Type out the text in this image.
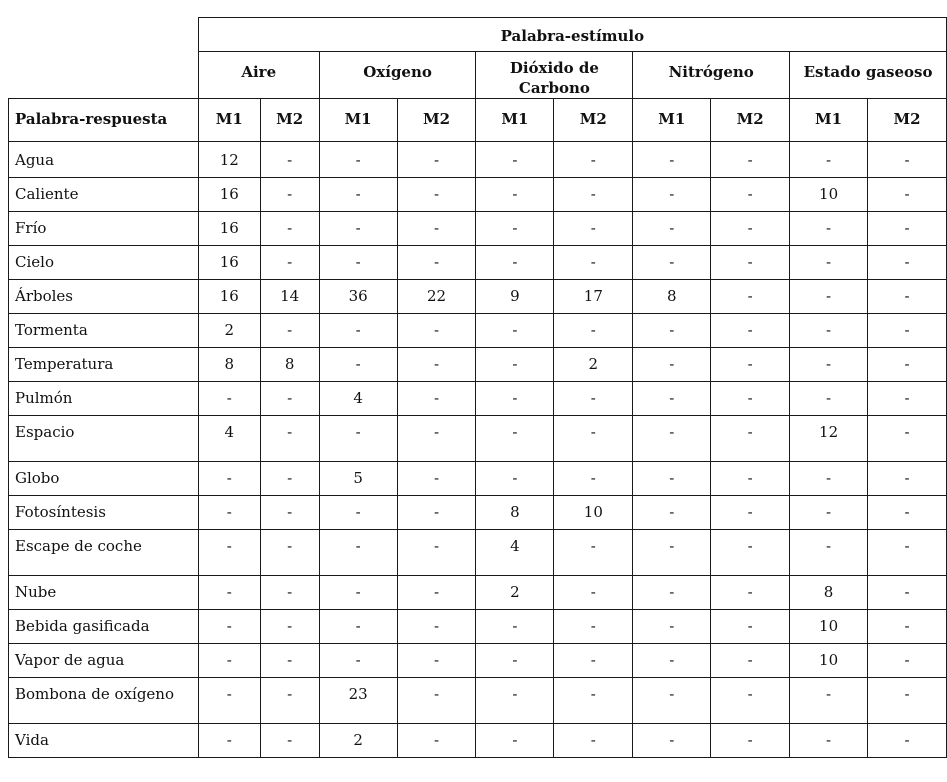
	Palabra-estímulo									
	Aire		Oxígeno		Dióxido de Carbono		Nitrógeno		Estado gaseoso	
Palabra-respuesta	M1	M2	M1	M2	M1	M2	M1	M2	M1	M2
Agua	12	-	-	-	-	-	-	-	-	-
Caliente	16	-	-	-	-	-	-	-	10	-
Frío	16	-	-	-	-	-	-	-	-	-
Cielo	16	-	-	-	-	-	-	-	-	-
Árboles	16	14	36	22	9	17	8	-	-	-
Tormenta	2	-	-	-	-	-	-	-	-	-
Temperatura	8	8	-	-	-	2	-	-	-	-
Pulmón	-	-	4	-	-	-	-	-	-	-
Espacio	4	-	-	-	-	-	-	-	12	-
Globo	-	-	5	-	-	-	-	-	-	-
Fotosíntesis	-	-	-	-	8	10	-	-	-	-
Escape de coche	-	-	-	-	4	-	-	-	-	-
Nube	-	-	-	-	2	-	-	-	8	-
Bebida gasificada	-	-	-	-	-	-	-	-	10	-
Vapor de agua	-	-	-	-	-	-	-	-	10	-
Bombona de oxígeno	-	-	23	-	-	-	-	-	-	-
Vida	-	-	2	-	-	-	-	-	-	-
